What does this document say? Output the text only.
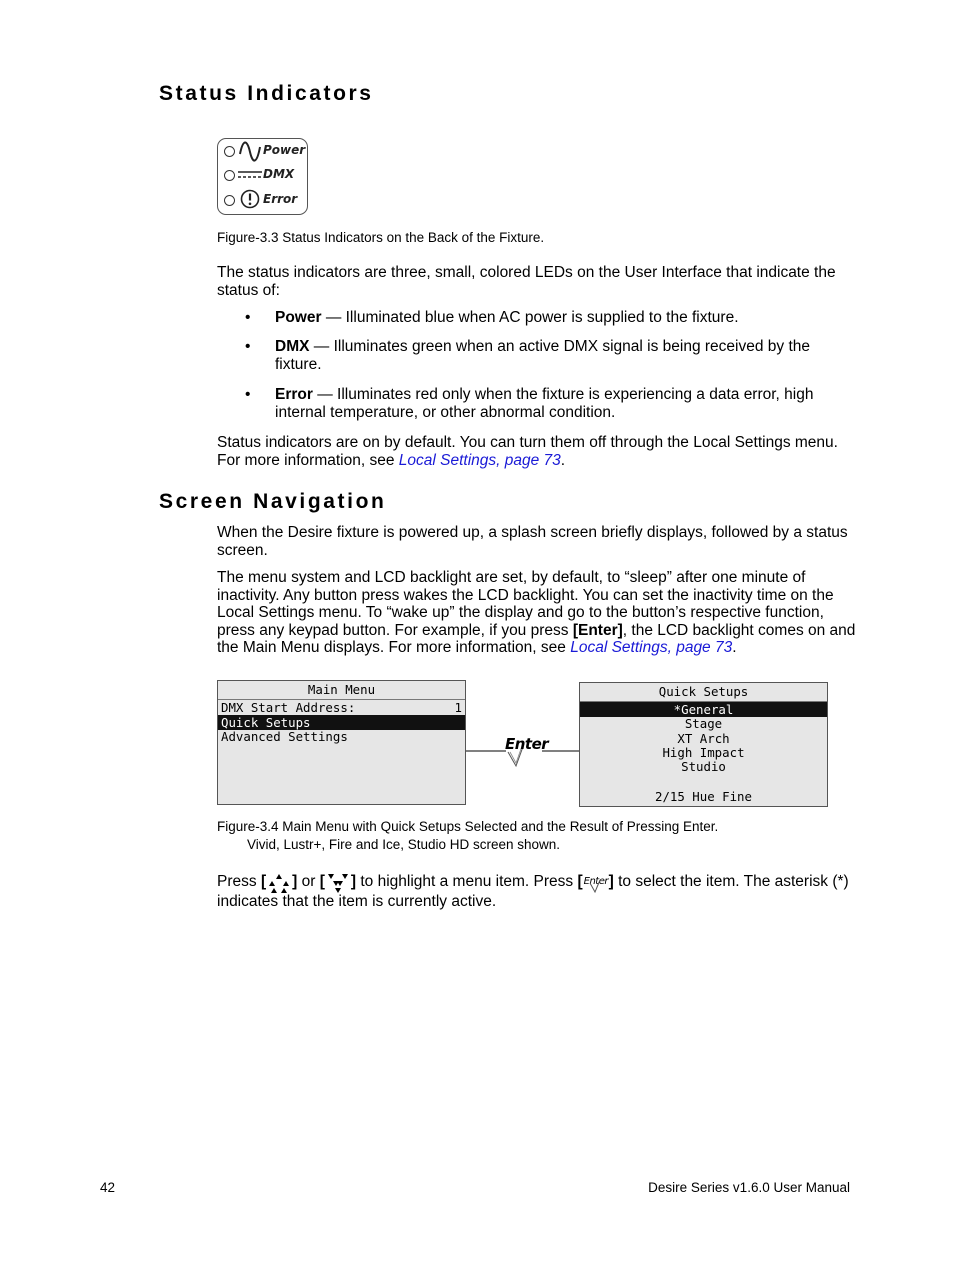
Status Indicators
Power
DMX
Error

Figure-3.3 Status Indicators on the Back of the Fixture.

The status indicators are three, small, colored LEDs on the User Interface that indicate the status of:

• Power — Illuminated blue when AC power is supplied to the fixture.

• DMX — Illuminates green when an active DMX signal is being received by the fixture.

• Error — Illuminates red only when the fixture is experiencing a data error, high internal temperature, or other abnormal condition.

Status indicators are on by default. You can turn them off through the Local Settings menu. For more information, see Local Settings, page 73.

Screen Navigation

When the Desire fixture is powered up, a splash screen briefly displays, followed by a status screen.

The menu system and LCD backlight are set, by default, to “sleep” after one minute of inactivity. Any button press wakes the LCD backlight. You can set the inactivity time on the Local Settings menu. To “wake up” the display and go to the button’s respective function, press any keypad button. For example, if you press [Enter], the LCD backlight comes on and the Main Menu displays. For more information, see Local Settings, page 73.

Main Menu
DMX Start Address:	1
Quick Setups
Advanced Settings	Enter
Quick Setups
*General
Stage
XT Arch
High Impact
Studio
2/15 Hue Fine

Figure-3.4 Main Menu with Quick Setups Selected and the Result of Pressing Enter.

Vivid, Lustr+, Fire and Ice, Studio HD screen shown.

Press [ ] or [ ] to highlight a menu item. Press [ Enter ] to select the item. The asterisk (*) indicates that the item is currently active.

42	Desire Series v1.6.0 User Manual
